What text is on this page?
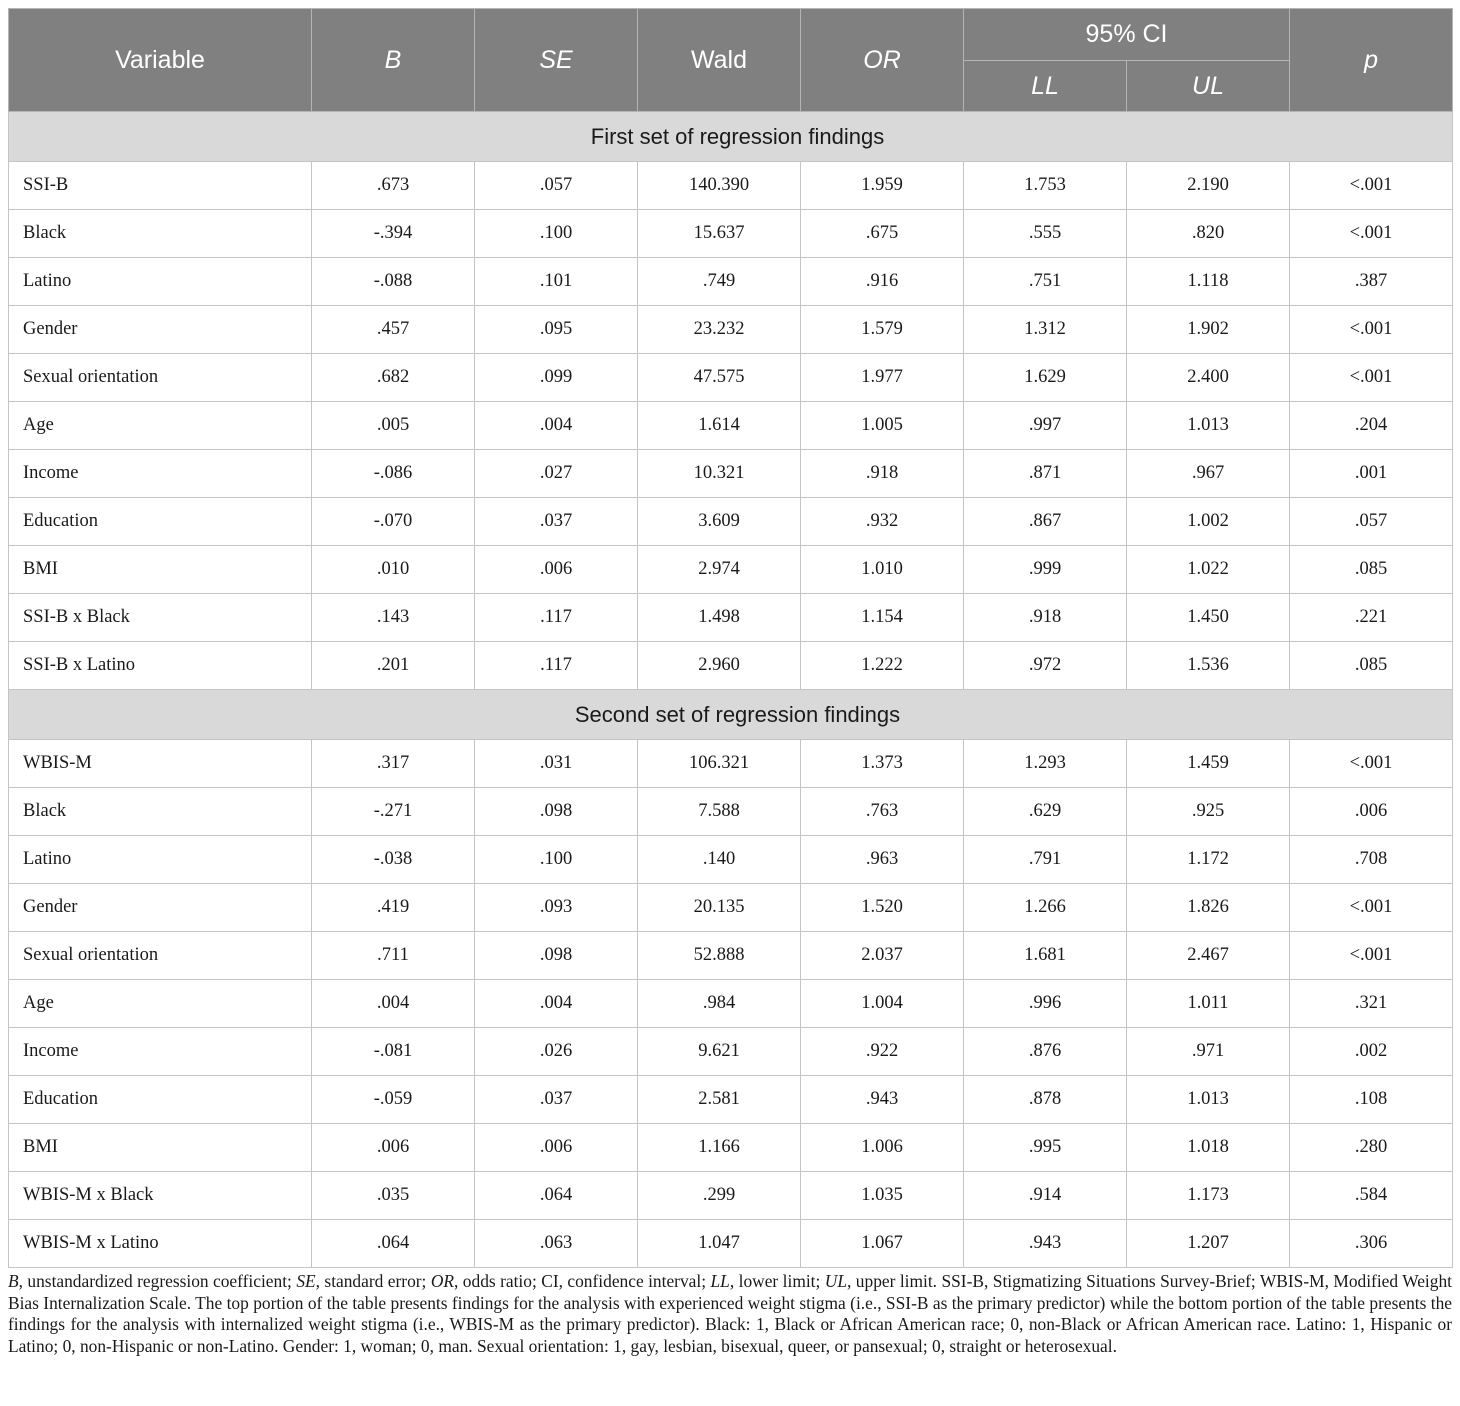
Variable	B	SE	Wald	OR	95% CI		p
					LL	UL	
First set of regression findings							
SSI-B	.673	.057	140.390	1.959	1.753	2.190	<.001
Black	-.394	.100	15.637	.675	.555	.820	<.001
Latino	-.088	.101	.749	.916	.751	1.118	.387
Gender	.457	.095	23.232	1.579	1.312	1.902	<.001
Sexual orientation	.682	.099	47.575	1.977	1.629	2.400	<.001
Age	.005	.004	1.614	1.005	.997	1.013	.204
Income	-.086	.027	10.321	.918	.871	.967	.001
Education	-.070	.037	3.609	.932	.867	1.002	.057
BMI	.010	.006	2.974	1.010	.999	1.022	.085
SSI-B x Black	.143	.117	1.498	1.154	.918	1.450	.221
SSI-B x Latino	.201	.117	2.960	1.222	.972	1.536	.085
Second set of regression findings							
WBIS-M	.317	.031	106.321	1.373	1.293	1.459	<.001
Black	-.271	.098	7.588	.763	.629	.925	.006
Latino	-.038	.100	.140	.963	.791	1.172	.708
Gender	.419	.093	20.135	1.520	1.266	1.826	<.001
Sexual orientation	.711	.098	52.888	2.037	1.681	2.467	<.001
Age	.004	.004	.984	1.004	.996	1.011	.321
Income	-.081	.026	9.621	.922	.876	.971	.002
Education	-.059	.037	2.581	.943	.878	1.013	.108
BMI	.006	.006	1.166	1.006	.995	1.018	.280
WBIS-M x Black	.035	.064	.299	1.035	.914	1.173	.584
WBIS-M x Latino	.064	.063	1.047	1.067	.943	1.207	.306
B, unstandardized regression coefficient; SE, standard error; OR, odds ratio; CI, confidence interval; LL, lower limit; UL, upper limit. SSI-B, Stigmatizing Situations Survey-Brief; WBIS-M, Modified Weight Bias Internalization Scale. The top portion of the table presents findings for the analysis with experienced weight stigma (i.e., SSI-B as the primary predictor) while the bottom portion of the table presents the findings for the analysis with internalized weight stigma (i.e., WBIS-M as the primary predictor). Black: 1, Black or African American race; 0, non-Black or African American race. Latino: 1, Hispanic or Latino; 0, non-Hispanic or non-Latino. Gender: 1, woman; 0, man. Sexual orientation: 1, gay, lesbian, bisexual, queer, or pansexual; 0, straight or heterosexual.
